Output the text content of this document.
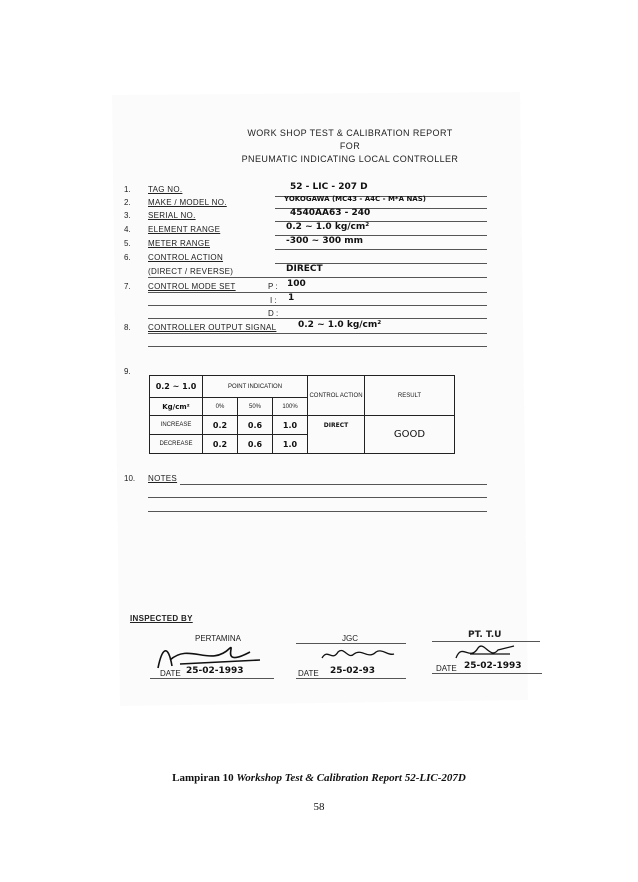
WORK SHOP TEST & CALIBRATION REPORT
FOR
PNEUMATIC INDICATING LOCAL CONTROLLER
1. TAG NO.	52 - LIC - 207 D
2. MAKE / MODEL NO.	YOKOGAWA (MC43 - A4C - M*A NAS)
3. SERIAL NO.	4540AA63 - 240
4. ELEMENT RANGE	0.2 ~ 1.0 kg/cm²
5. METER RANGE	-300 ~ 300 mm
6. CONTROL ACTION
(DIRECT / REVERSE)	DIRECT
7. CONTROL MODE SET	P : 100
I : 1
D :
8. CONTROLLER OUTPUT SIGNAL 0.2 ~ 1.0 kg/cm²
9.
0.2 ~ 1.0	POINT INDICATION			CONTROL ACTION	RESULT
Kg/cm²	0%	50%	100%		
INCREASE	0.2	0.6	1.0	DIRECT	GOOD
DECREASE	0.2	0.6	1.0		
10. NOTES
INSPECTED BY
PERTAMINA
DATE 25-02-1993
JGC
DATE 25-02-93
PT. T.U
DATE 25-02-1993
Lampiran 10 Workshop Test & Calibration Report 52-LIC-207D
58
